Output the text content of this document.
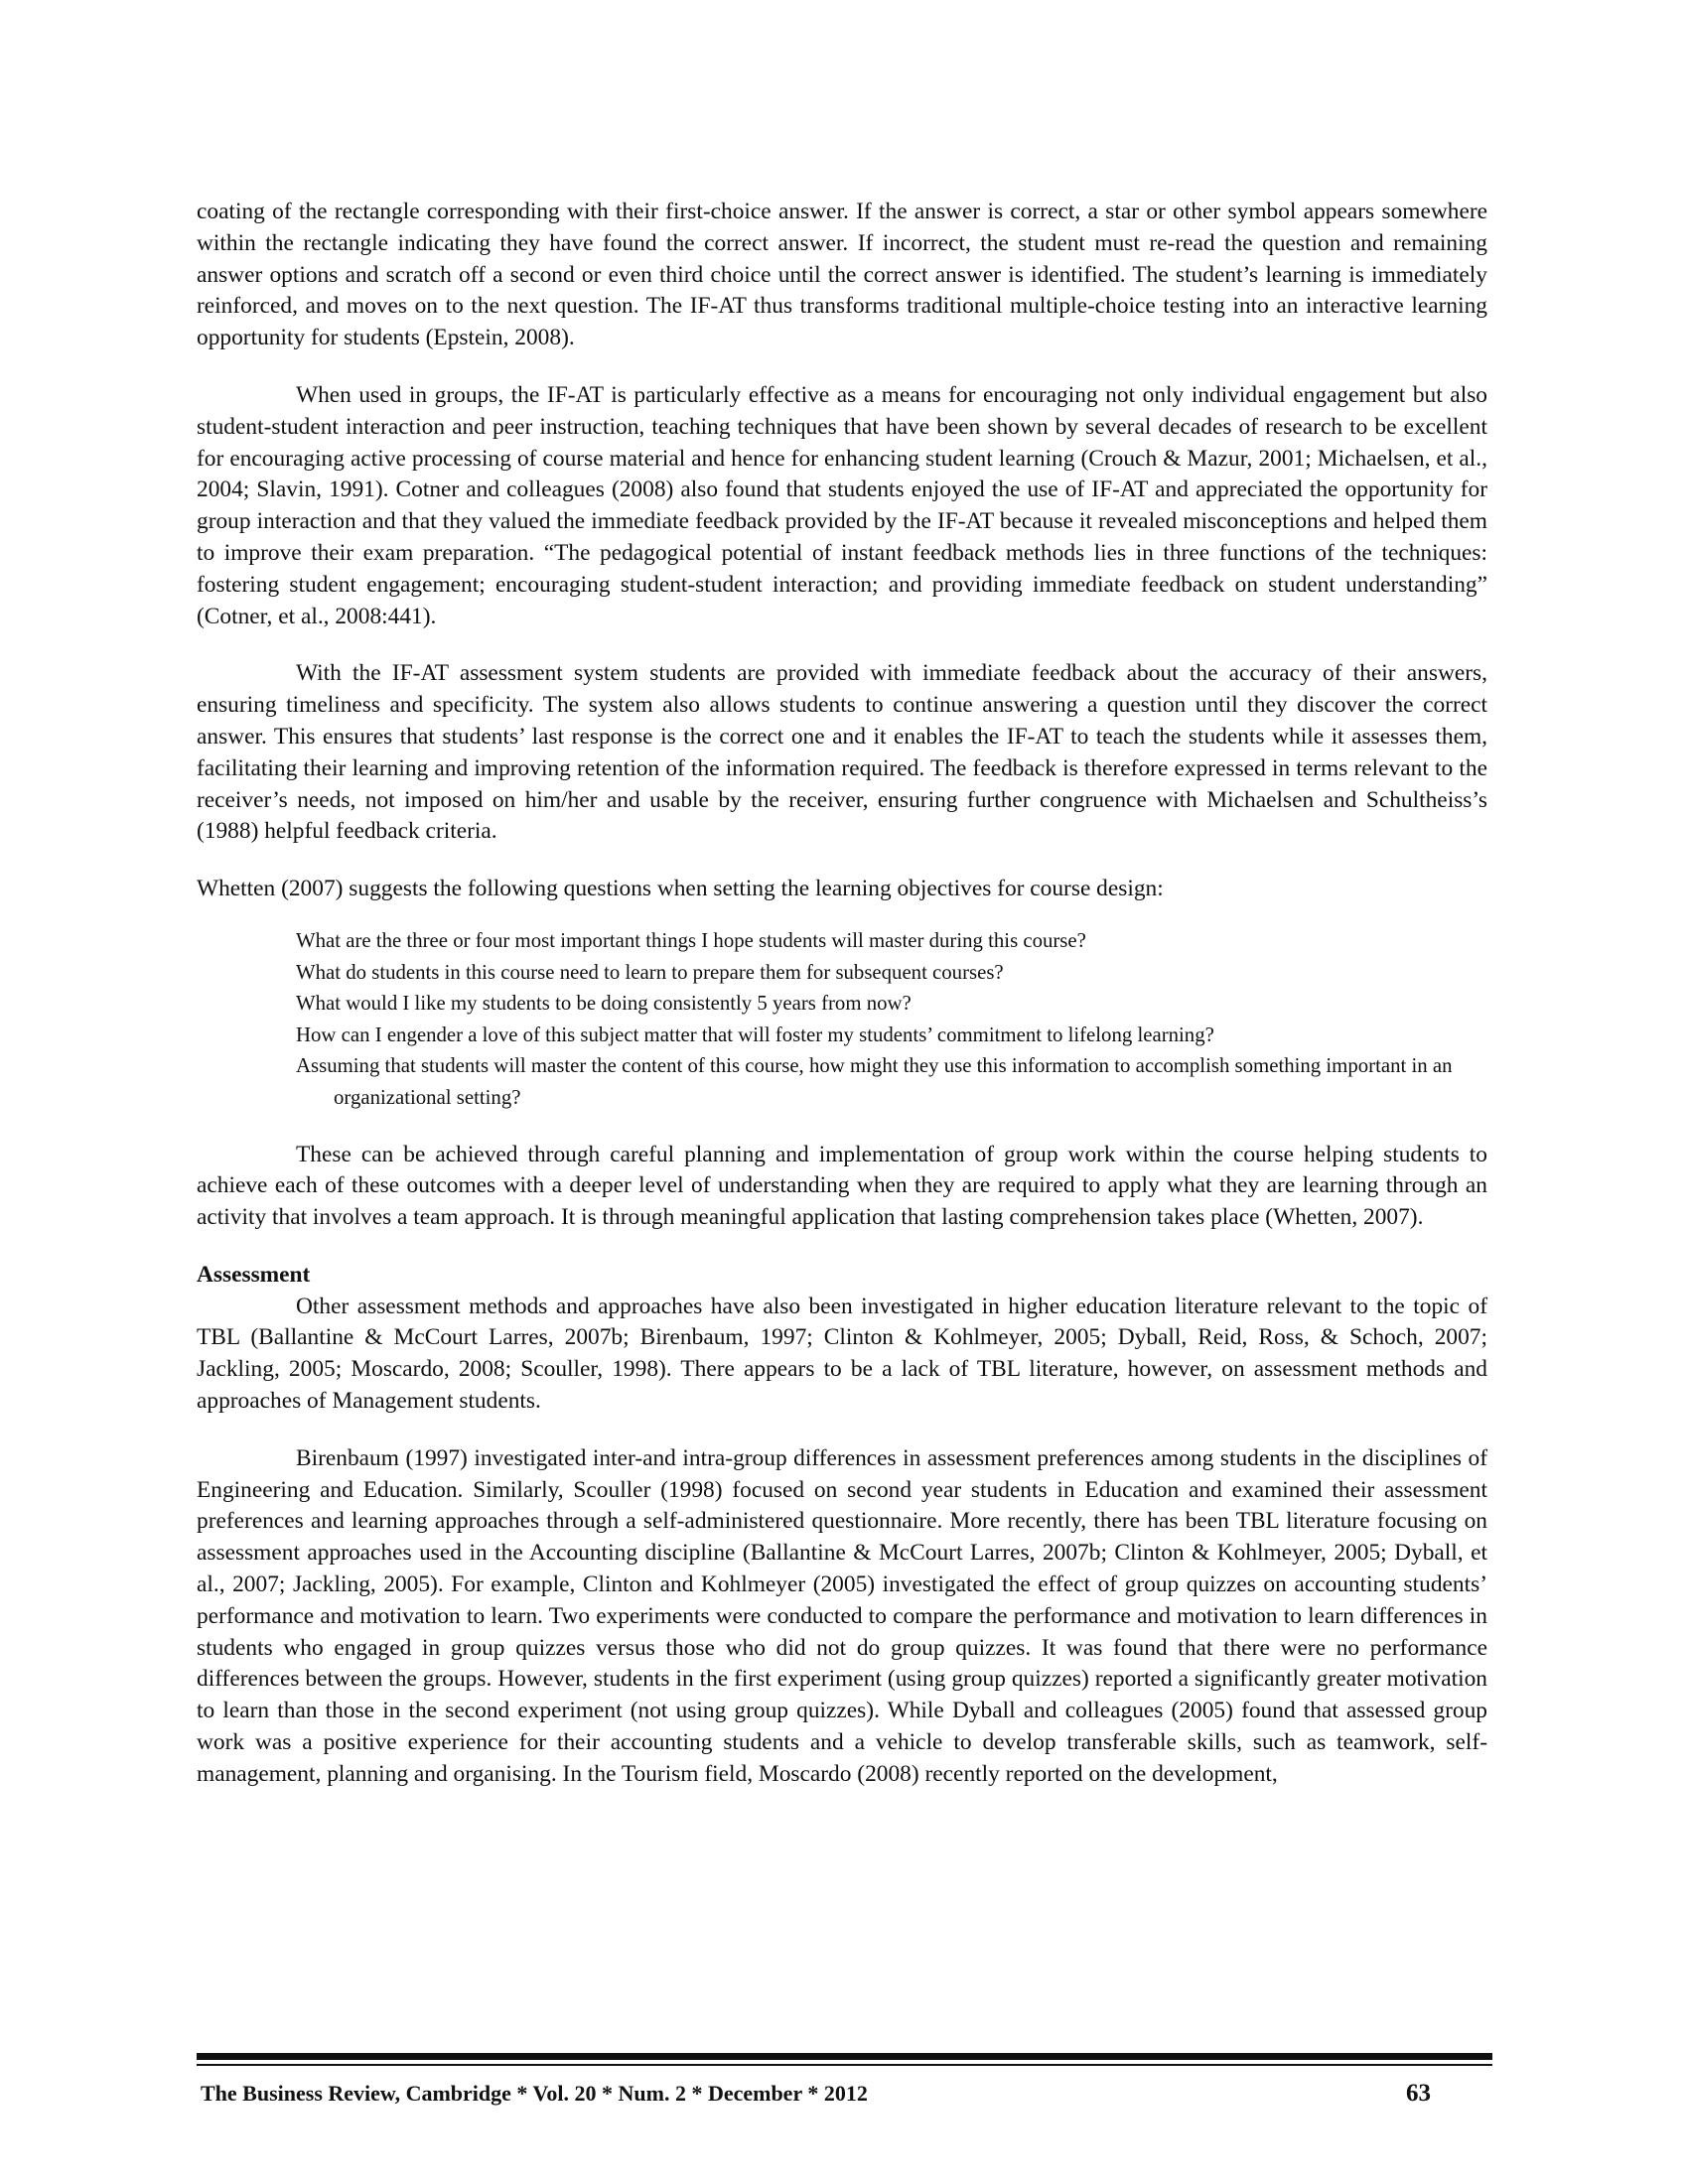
coating of the rectangle corresponding with their first-choice answer. If the answer is correct, a star or other symbol appears somewhere within the rectangle indicating they have found the correct answer. If incorrect, the student must re-read the question and remaining answer options and scratch off a second or even third choice until the correct answer is identified. The student’s learning is immediately reinforced, and moves on to the next question. The IF-AT thus transforms traditional multiple-choice testing into an interactive learning opportunity for students (Epstein, 2008).

When used in groups, the IF-AT is particularly effective as a means for encouraging not only individual engagement but also student-student interaction and peer instruction, teaching techniques that have been shown by several decades of research to be excellent for encouraging active processing of course material and hence for enhancing student learning (Crouch & Mazur, 2001; Michaelsen, et al., 2004; Slavin, 1991). Cotner and colleagues (2008) also found that students enjoyed the use of IF-AT and appreciated the opportunity for group interaction and that they valued the immediate feedback provided by the IF-AT because it revealed misconceptions and helped them to improve their exam preparation. “The pedagogical potential of instant feedback methods lies in three functions of the techniques: fostering student engagement; encouraging student-student interaction; and providing immediate feedback on student understanding” (Cotner, et al., 2008:441).

With the IF-AT assessment system students are provided with immediate feedback about the accuracy of their answers, ensuring timeliness and specificity. The system also allows students to continue answering a question until they discover the correct answer. This ensures that students’ last response is the correct one and it enables the IF-AT to teach the students while it assesses them, facilitating their learning and improving retention of the information required. The feedback is therefore expressed in terms relevant to the receiver’s needs, not imposed on him/her and usable by the receiver, ensuring further congruence with Michaelsen and Schultheiss’s (1988) helpful feedback criteria.

Whetten (2007) suggests the following questions when setting the learning objectives for course design:

What are the three or four most important things I hope students will master during this course?
What do students in this course need to learn to prepare them for subsequent courses?
What would I like my students to be doing consistently 5 years from now?
How can I engender a love of this subject matter that will foster my students’ commitment to lifelong learning?
Assuming that students will master the content of this course, how might they use this information to accomplish something important in an organizational setting?

These can be achieved through careful planning and implementation of group work within the course helping students to achieve each of these outcomes with a deeper level of understanding when they are required to apply what they are learning through an activity that involves a team approach. It is through meaningful application that lasting comprehension takes place (Whetten, 2007).

Assessment

Other assessment methods and approaches have also been investigated in higher education literature relevant to the topic of TBL (Ballantine & McCourt Larres, 2007b; Birenbaum, 1997; Clinton & Kohlmeyer, 2005; Dyball, Reid, Ross, & Schoch, 2007; Jackling, 2005; Moscardo, 2008; Scouller, 1998). There appears to be a lack of TBL literature, however, on assessment methods and approaches of Management students.

Birenbaum (1997) investigated inter-and intra-group differences in assessment preferences among students in the disciplines of Engineering and Education. Similarly, Scouller (1998) focused on second year students in Education and examined their assessment preferences and learning approaches through a self-administered questionnaire. More recently, there has been TBL literature focusing on assessment approaches used in the Accounting discipline (Ballantine & McCourt Larres, 2007b; Clinton & Kohlmeyer, 2005; Dyball, et al., 2007; Jackling, 2005). For example, Clinton and Kohlmeyer (2005) investigated the effect of group quizzes on accounting students’ performance and motivation to learn. Two experiments were conducted to compare the performance and motivation to learn differences in students who engaged in group quizzes versus those who did not do group quizzes. It was found that there were no performance differences between the groups. However, students in the first experiment (using group quizzes) reported a significantly greater motivation to learn than those in the second experiment (not using group quizzes). While Dyball and colleagues (2005) found that assessed group work was a positive experience for their accounting students and a vehicle to develop transferable skills, such as teamwork, self-management, planning and organising. In the Tourism field, Moscardo (2008) recently reported on the development,

The Business Review, Cambridge * Vol. 20 * Num. 2 * December * 2012	63
